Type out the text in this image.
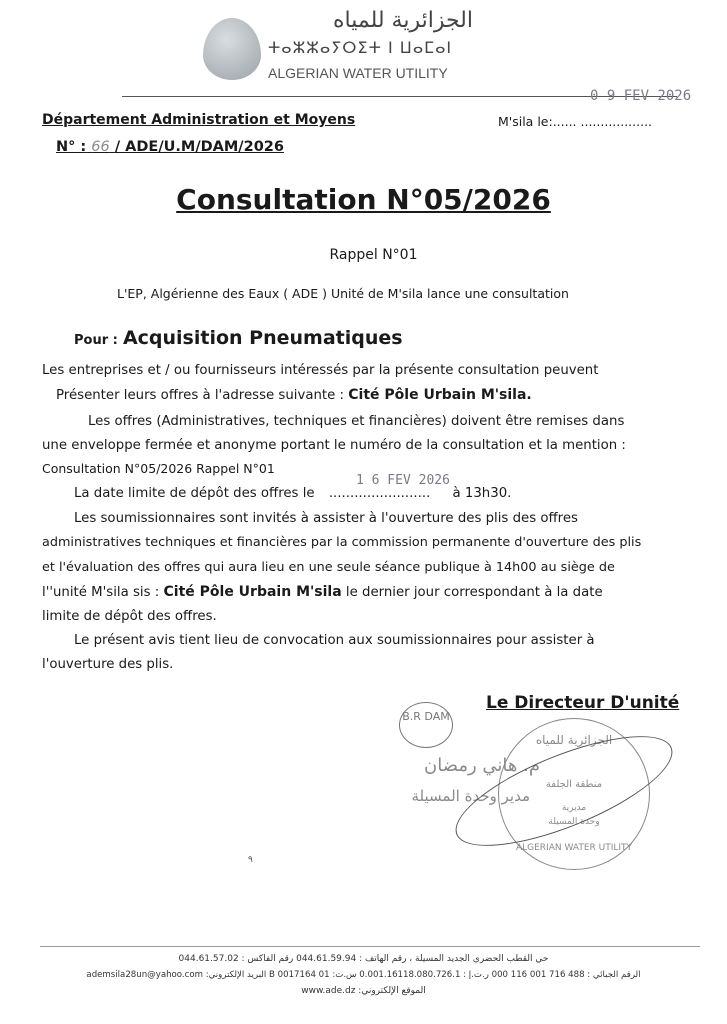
الجزائرية للمياه
ⵜⴰⵣⵣⴰⵢⵔⵉⵜ ⵏ ⵡⴰⵎⴰⵏ
ALGERIAN WATER UTILITY
0 9 FEV 2026
Département Administration et Moyens	M'sila le:...... ..................
N° : 66 / ADE/U.M/DAM/2026
Consultation N°05/2026
Rappel N°01
L'EP, Algérienne des Eaux ( ADE ) Unité de M'sila lance une consultation
Pour : Acquisition Pneumatiques
Les entreprises et / ou fournisseurs intéressés par la présente consultation peuvent
Présenter leurs offres à l'adresse suivante : Cité Pôle Urbain M'sila.
Les offres (Administratives, techniques et financières) doivent être remises dans
une enveloppe fermée et anonyme portant le numéro de la consultation et la mention :
Consultation N°05/2026 Rappel N°01
1 6 FEV 2026
La date limite de dépôt des offres le ........................ à 13h30.
Les soumissionnaires sont invités à assister à l'ouverture des plis des offres
administratives techniques et financières par la commission permanente d'ouverture des plis
et l'évaluation des offres qui aura lieu en une seule séance publique à 14h00 au siège de
l''unité M'sila sis : Cité Pôle Urbain M'sila le dernier jour correspondant à la date
limite de dépôt des offres.
Le présent avis tient lieu de convocation aux soumissionnaires pour assister à
l'ouverture des plis.
Le Directeur D'unité
B.R DAM
م. هاني رمضان
مدير وحدة المسيلة
الجزائرية للمياه
منطقة الجلفة
مديرية
وحدة المسيلة
ALGERIAN WATER UTILITY
٩
حي القطب الحضري الجديد المسيلة ، رقم الهاتف : 044.61.59.94 رقم الفاكس : 044.61.57.02
الرقم الجبائي : 488 716 001 116 000 ر.ت.إ : 0.001.16118.080.726.1 س.ت: 01 B 0017164 البريد الإلكتروني: ademsila28un@yahoo.com
الموقع الإلكتروني: www.ade.dz
